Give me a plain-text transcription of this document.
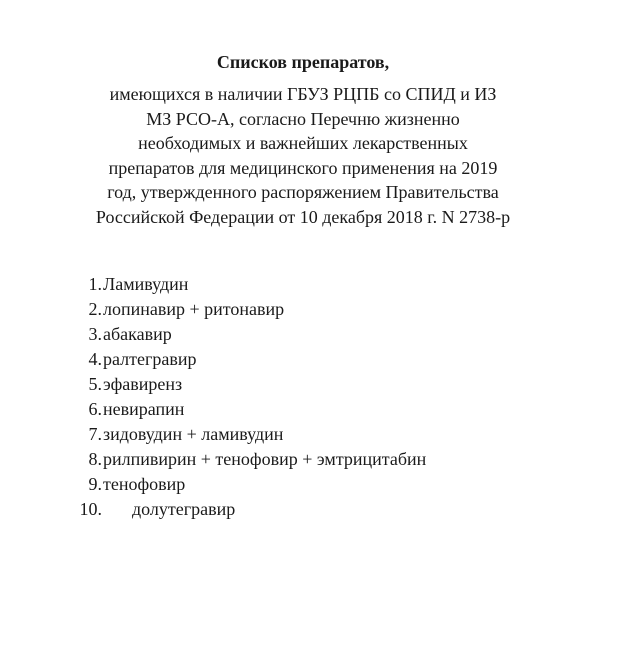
Списков препаратов,
имеющихся в наличии ГБУЗ РЦПБ со СПИД и ИЗ
МЗ РСО-А, согласно Перечню жизненно
необходимых и важнейших лекарственных
препаратов для медицинского применения на 2019
год, утвержденного распоряжением Правительства
Российской Федерации от 10 декабря 2018 г. N 2738-р
1.Ламивудин
2.лопинавир + ритонавир
3.абакавир
4.ралтегравир
5.эфавиренз
6.невирапин
7.зидовудин + ламивудин
8.рилпивирин + тенофовир + эмтрицитабин
9.тенофовир
10. долутегравир
